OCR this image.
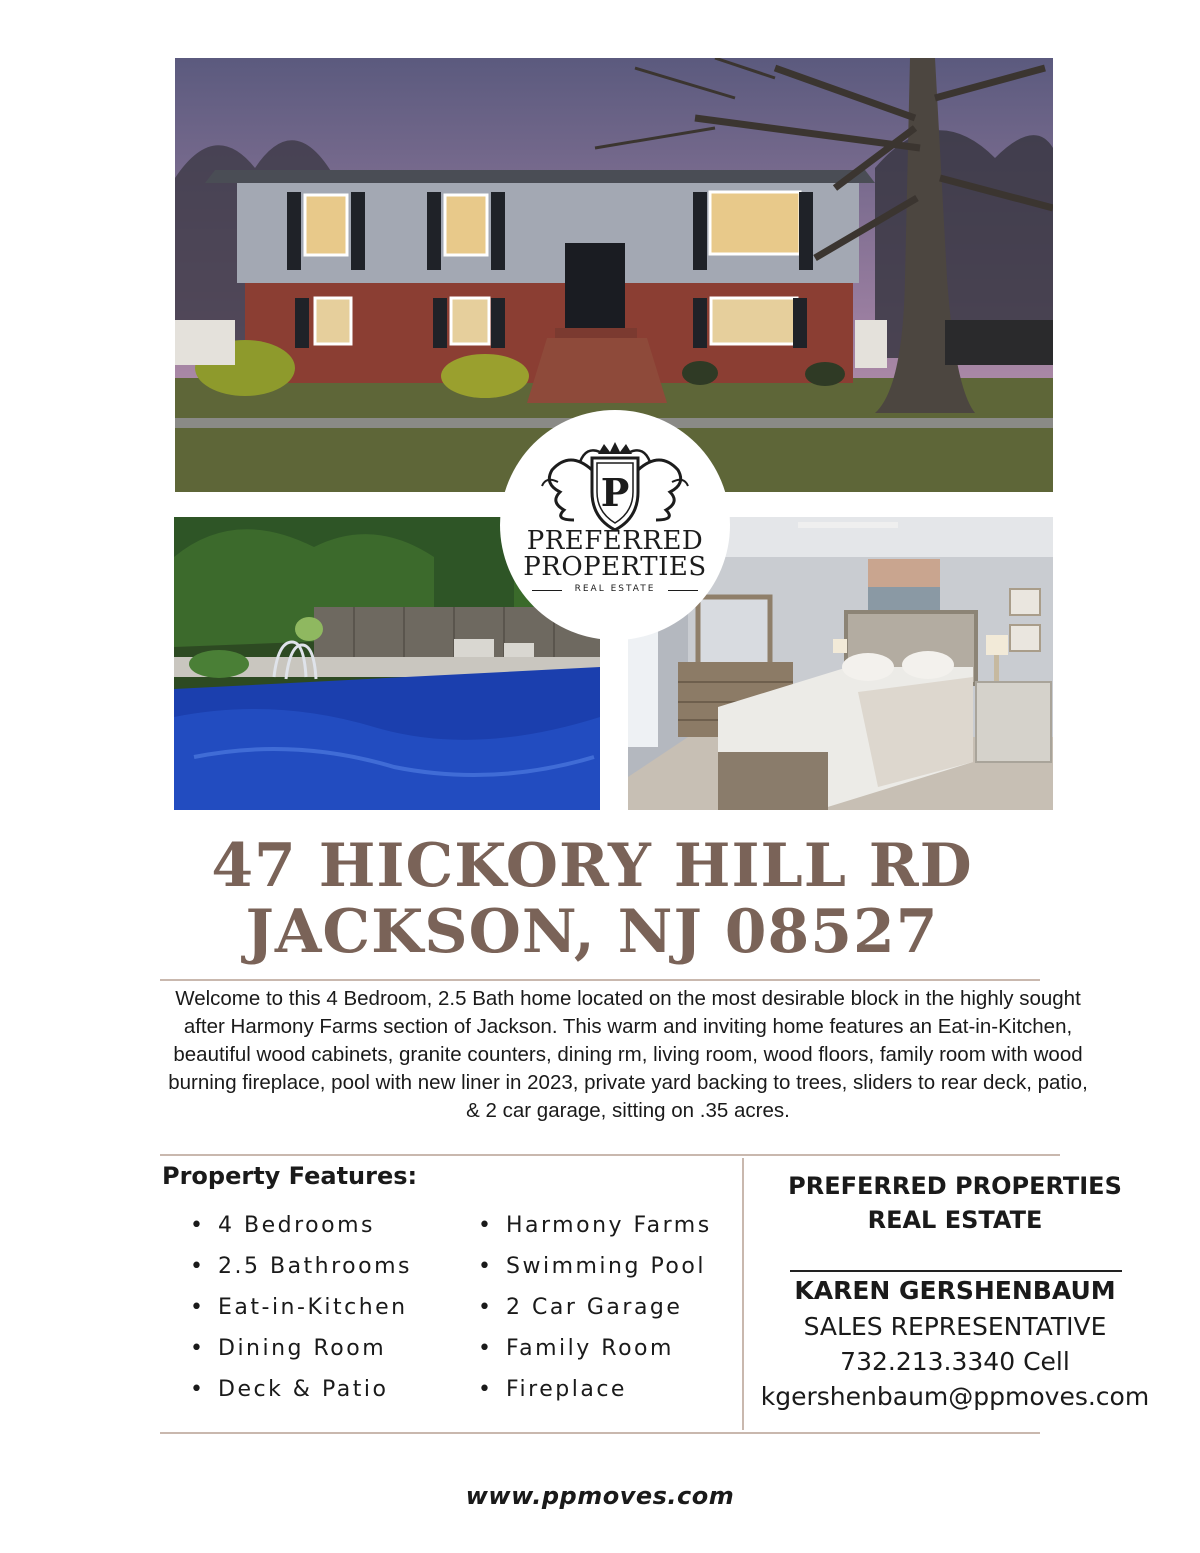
P
PREFERRED
PROPERTIES
REAL ESTATE
47 HICKORY HILL RD
JACKSON, NJ 08527
Welcome to this 4 Bedroom, 2.5 Bath home located on the most desirable block in the highly sought after Harmony Farms section of Jackson. This warm and inviting home features an Eat-in-Kitchen, beautiful wood cabinets, granite counters, dining rm, living room, wood floors, family room with wood burning fireplace, pool with new liner in 2023, private yard backing to trees, sliders to rear deck, patio, & 2 car garage, sitting on .35 acres.
Property Features:
• 4 Bedrooms
• 2.5 Bathrooms
• Eat-in-Kitchen
• Dining Room
• Deck & Patio
• Harmony Farms
• Swimming Pool
• 2 Car Garage
• Family Room
• Fireplace
PREFERRED PROPERTIES
REAL ESTATE
KAREN GERSHENBAUM
SALES REPRESENTATIVE
732.213.3340 Cell
kgershenbaum@ppmoves.com
www.ppmoves.com
